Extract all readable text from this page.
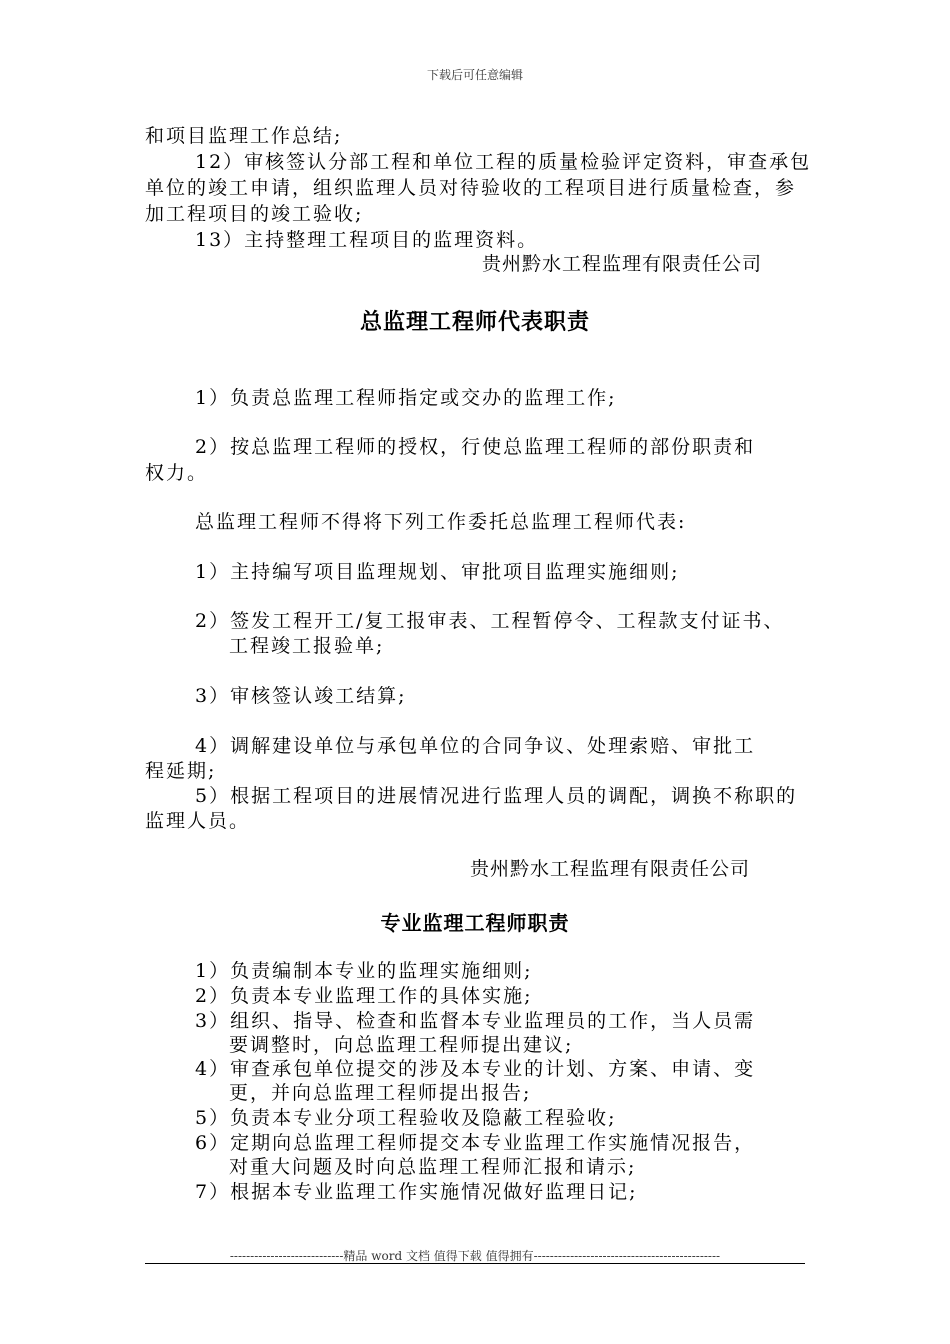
下载后可任意编辑
和项目监理工作总结;
12）审核签认分部工程和单位工程的质量检验评定资料，审查承包
单位的竣工申请，组织监理人员对待验收的工程项目进行质量检查，参
加工程项目的竣工验收;
13）主持整理工程项目的监理资料。
贵州黔水工程监理有限责任公司
总监理工程师代表职责
1）负责总监理工程师指定或交办的监理工作;
2）按总监理工程师的授权，行使总监理工程师的部份职责和
权力。
总监理工程师不得将下列工作委托总监理工程师代表:
1）主持编写项目监理规划、审批项目监理实施细则;
2）签发工程开工/复工报审表、工程暂停令、工程款支付证书、
工程竣工报验单;
3）审核签认竣工结算;
4）调解建设单位与承包单位的合同争议、处理索赔、审批工
程延期;
5）根据工程项目的进展情况进行监理人员的调配，调换不称职的
监理人员。
贵州黔水工程监理有限责任公司
专业监理工程师职责
1）负责编制本专业的监理实施细则;
2）负责本专业监理工作的具体实施;
3）组织、指导、检查和监督本专业监理员的工作，当人员需
要调整时，向总监理工程师提出建议;
4）审查承包单位提交的涉及本专业的计划、方案、申请、变
更，并向总监理工程师提出报告;
5）负责本专业分项工程验收及隐蔽工程验收;
6）定期向总监理工程师提交本专业监理工作实施情况报告，
对重大问题及时向总监理工程师汇报和请示;
7）根据本专业监理工作实施情况做好监理日记;
----------------------------精品 word 文档 值得下载 值得拥有----------------------------------------------
